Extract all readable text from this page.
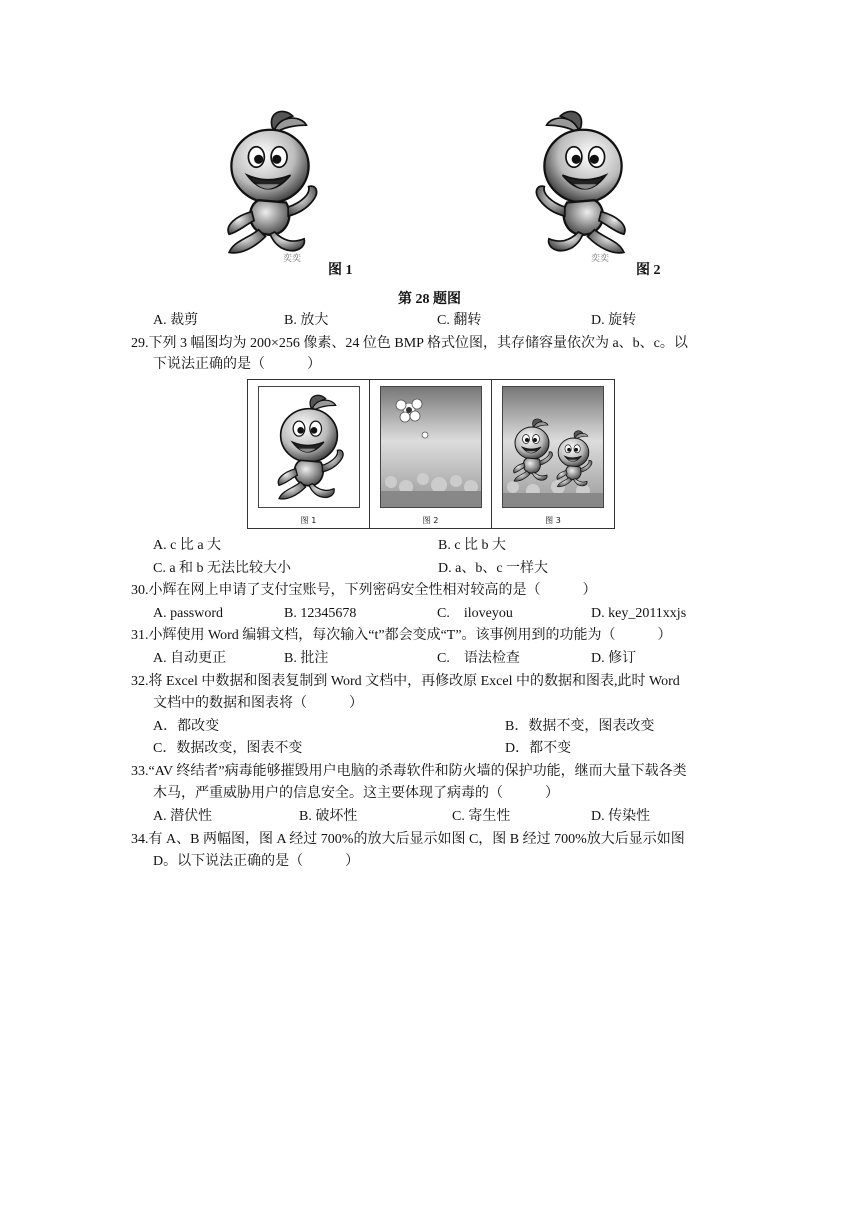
奕奕
图 1
奕奕
图 2
第 28 题图
A. 裁剪	B. 放大	C. 翻转	D. 旋转
29.下列 3 幅图均为 200×256 像素、24 位色 BMP 格式位图，其存储容量依次为 a、b、c。以
下说法正确的是（　　　）
图 1	图 2	图 3
A. c 比 a 大	B. c 比 b 大
C. a 和 b 无法比较大小	D. a、b、c 一样大
30.小辉在网上申请了支付宝账号，下列密码安全性相对较高的是（　　　）
A. password	B. 12345678	C.　iloveyou	D. key_2011xxjs
31.小辉使用 Word 编辑文档，每次输入“t”都会变成“T”。该事例用到的功能为（　　　）
A. 自动更正	B. 批注	C.　语法检查	D. 修订
32.将 Excel 中数据和图表复制到 Word 文档中，再修改原 Excel 中的数据和图表,此时 Word
文档中的数据和图表将（　　　）
A．都改变	B．数据不变，图表改变
C．数据改变，图表不变	D．都不变
33.“AV 终结者”病毒能够摧毁用户电脑的杀毒软件和防火墙的保护功能，继而大量下载各类
木马，严重威胁用户的信息安全。这主要体现了病毒的（　　　）
A. 潜伏性	B. 破坏性	C. 寄生性	D. 传染性
34.有 A、B 两幅图，图 A 经过 700%的放大后显示如图 C，图 B 经过 700%放大后显示如图
D。以下说法正确的是（　　　）
